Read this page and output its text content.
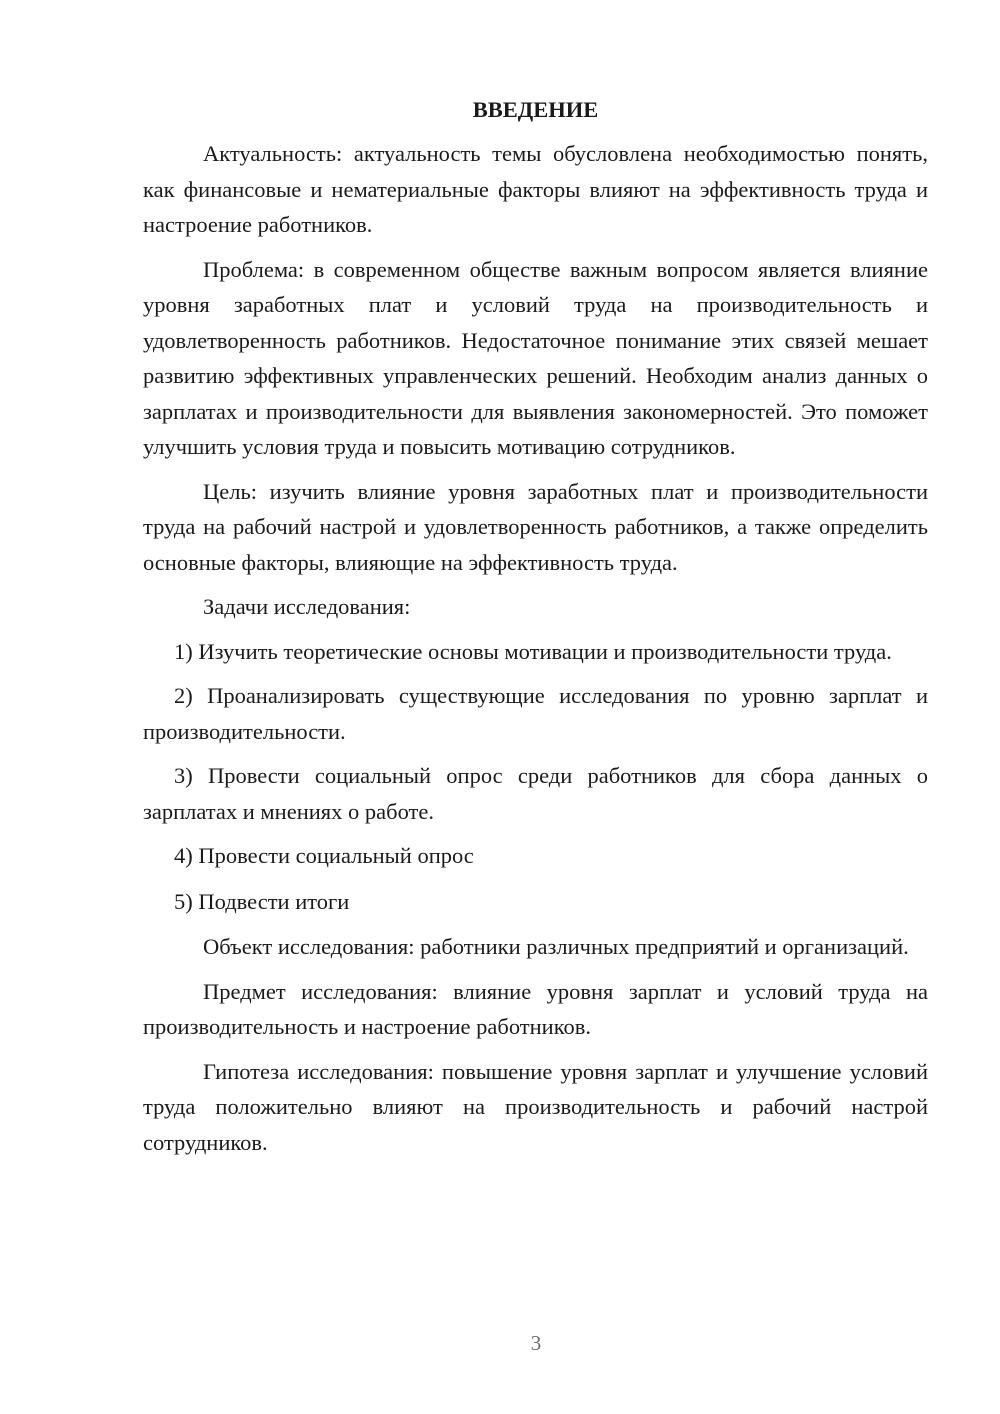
ВВЕДЕНИЕ

Актуальность: актуальность темы обусловлена необходимостью понять, как финансовые и нематериальные факторы влияют на эффективность труда и настроение работников.

Проблема: в современном обществе важным вопросом является влияние уровня заработных плат и условий труда на производительность и удовлетворенность работников. Недостаточное понимание этих связей мешает развитию эффективных управленческих решений. Необходим анализ данных о зарплатах и производительности для выявления закономерностей. Это поможет улучшить условия труда и повысить мотивацию сотрудников.

Цель: изучить влияние уровня заработных плат и производительности труда на рабочий настрой и удовлетворенность работников, а также определить основные факторы, влияющие на эффективность труда.

Задачи исследования:

1) Изучить теоретические основы мотивации и производительности труда.

2) Проанализировать существующие исследования по уровню зарплат и производительности.

3) Провести социальный опрос среди работников для сбора данных о зарплатах и мнениях о работе.

4) Провести социальный опрос

5) Подвести итоги

Объект исследования: работники различных предприятий и организаций.

Предмет исследования: влияние уровня зарплат и условий труда на производительность и настроение работников.

Гипотеза исследования: повышение уровня зарплат и улучшение условий труда положительно влияют на производительность и рабочий настрой сотрудников.

3
